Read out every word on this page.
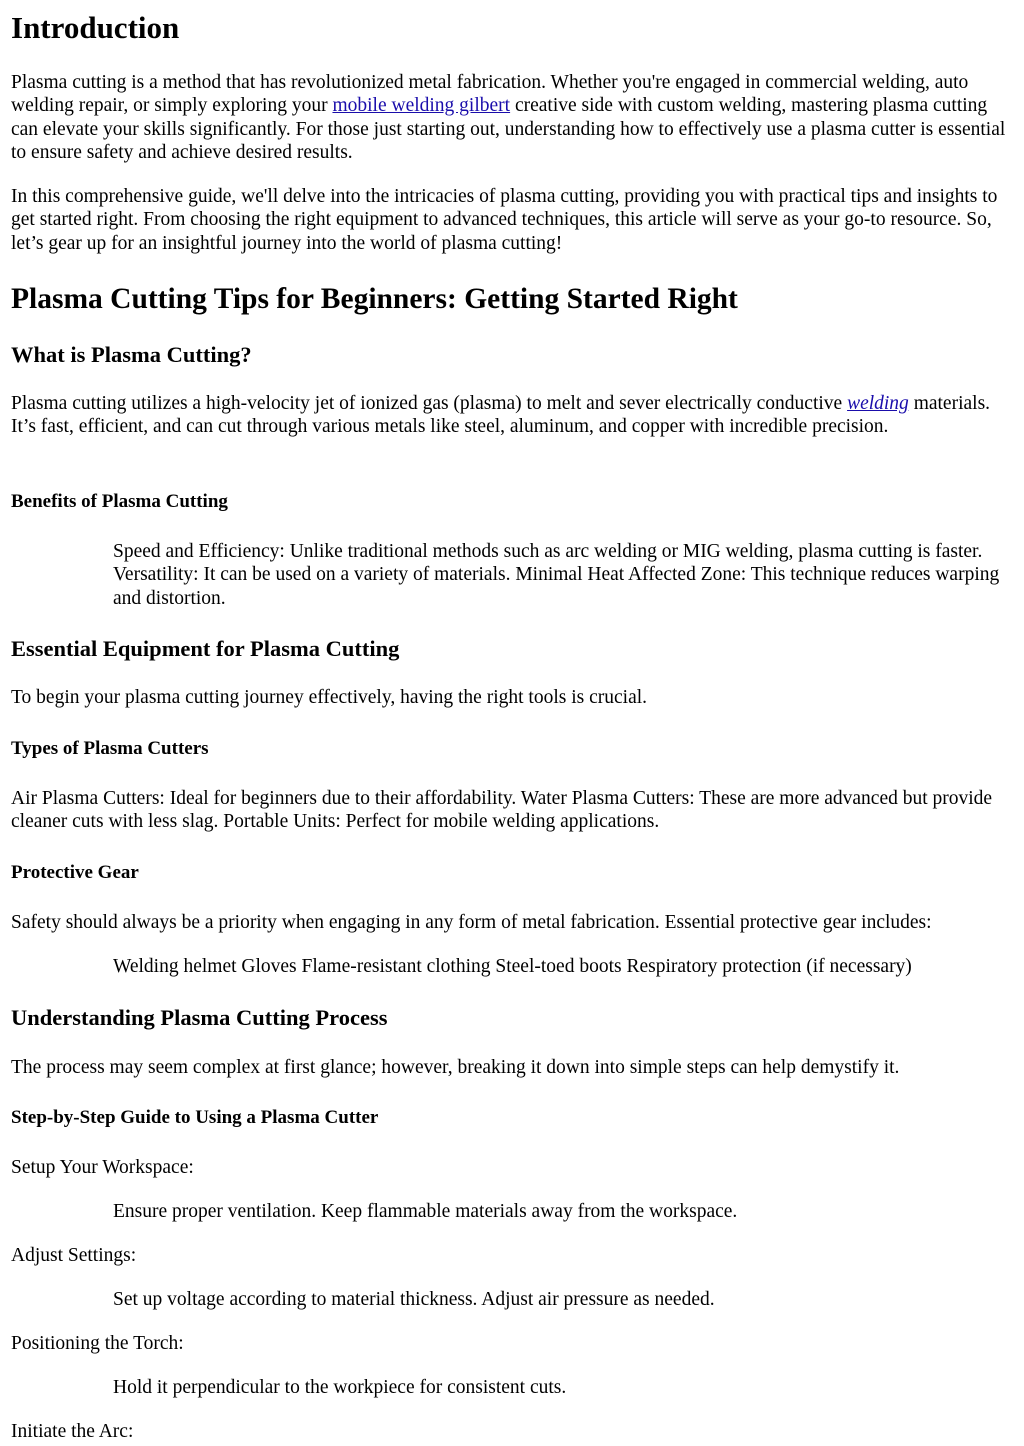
Introduction

Plasma cutting is a method that has revolutionized metal fabrication. Whether you're engaged in commercial welding, auto welding repair, or simply exploring your mobile welding gilbert creative side with custom welding, mastering plasma cutting can elevate your skills significantly. For those just starting out, understanding how to effectively use a plasma cutter is essential to ensure safety and achieve desired results.

In this comprehensive guide, we'll delve into the intricacies of plasma cutting, providing you with practical tips and insights to get started right. From choosing the right equipment to advanced techniques, this article will serve as your go-to resource. So, let’s gear up for an insightful journey into the world of plasma cutting!

Plasma Cutting Tips for Beginners: Getting Started Right
What is Plasma Cutting?

Plasma cutting utilizes a high-velocity jet of ionized gas (plasma) to melt and sever electrically conductive welding materials. It’s fast, efficient, and can cut through various metals like steel, aluminum, and copper with incredible precision.

Benefits of Plasma Cutting

Speed and Efficiency: Unlike traditional methods such as arc welding or MIG welding, plasma cutting is faster. Versatility: It can be used on a variety of materials. Minimal Heat Affected Zone: This technique reduces warping and distortion.

Essential Equipment for Plasma Cutting

To begin your plasma cutting journey effectively, having the right tools is crucial.

Types of Plasma Cutters

Air Plasma Cutters: Ideal for beginners due to their affordability. Water Plasma Cutters: These are more advanced but provide cleaner cuts with less slag. Portable Units: Perfect for mobile welding applications.

Protective Gear

Safety should always be a priority when engaging in any form of metal fabrication. Essential protective gear includes:

Welding helmet Gloves Flame-resistant clothing Steel-toed boots Respiratory protection (if necessary)

Understanding Plasma Cutting Process

The process may seem complex at first glance; however, breaking it down into simple steps can help demystify it.

Step-by-Step Guide to Using a Plasma Cutter

Setup Your Workspace:

Ensure proper ventilation. Keep flammable materials away from the workspace.

Adjust Settings:

Set up voltage according to material thickness. Adjust air pressure as needed.

Positioning the Torch:

Hold it perpendicular to the workpiece for consistent cuts.

Initiate the Arc:
